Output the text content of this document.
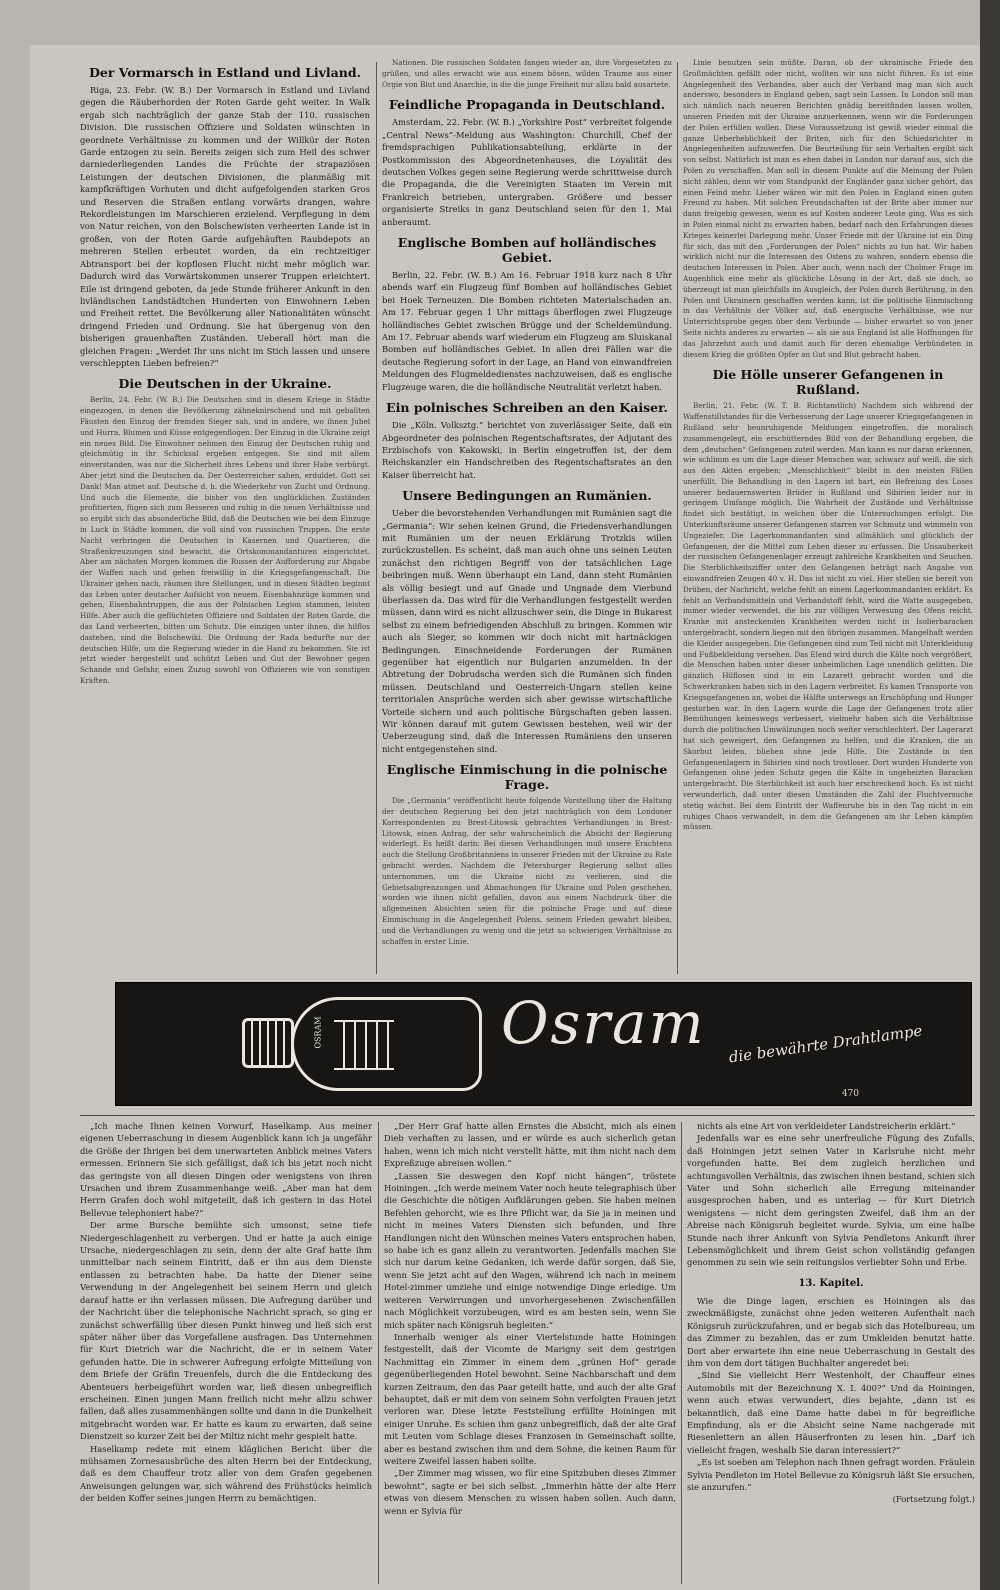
Der Vormarsch in Estland und Livland.

Riga, 23. Febr. (W. B.) Der Vormarsch in Estland und Livland gegen die Räuberhorden der Roten Garde geht weiter. In Walk ergab sich nachträglich der ganze Stab der 110. russischen Division. Die russischen Offiziere und Soldaten wünschten in geordnete Verhältnisse zu kommen und der Willkür der Roten Garde entzogen zu sein. Bereits zeigen sich zum Heil des schwer darniederliegenden Landes die Früchte der strapaziösen Leistungen der deutschen Divisionen, die planmäßig mit kampfkräftigen Vorhuten und dicht aufgefolgenden starken Gros und Reserven die Straßen entlang vorwärts drangen, wahre Rekordleistungen im Marschieren erzielend. Verpflegung in dem von Natur reichen, von den Bolschewisten verheerten Lande ist in großen, von der Roten Garde aufgehäuften Raubdepots an mehreren Stellen erbeutet worden, da ein rechtzeitiger Abtransport bei der kopflosen Flucht nicht mehr möglich war. Dadurch wird das Vorwärtskommen unserer Truppen erleichtert. Eile ist dringend geboten, da jede Stunde früherer Ankunft in den livländischen Landstädtchen Hunderten von Einwohnern Leben und Freiheit rettet. Die Bevölkerung aller Nationalitäten wünscht dringend Frieden und Ordnung. Sie hat übergenug von den bisherigen grauenhaften Zuständen. Ueberall hört man die gleichen Fragen: „Werdet Ihr uns nicht im Stich lassen und unsere verschleppten Lieben befreien?“

Die Deutschen in der Ukraine.

Berlin, 24. Febr. (W. B.) Die Deutschen sind in diesem Kriege in Städte eingezogen, in denen die Bevölkerung zähneknirschend und mit geballten Fäusten den Einzug der fremden Sieger sah, und in andere, wo ihnen Jubel und Hurra, Blumen und Küsse entgegenflogen. Der Einzug in die Ukraine zeigt ein neues Bild. Die Einwohner nehmen den Einzug der Deutschen ruhig und gleichmütig in ihr Schicksal ergeben entgegen. Sie sind mit allem einverstanden, was nur die Sicherheit ihres Lebens und ihrer Habe verbürgt. Aber jetzt sind die Deutschen da. Der Oesterreicher sahen, erduldet. Gott sei Dank! Man atmet auf. Deutsche d. h. die Wiederkehr von Zucht und Ordnung. Und auch die Elemente, die bisher von den unglücklichen Zuständen profitierten, fügen sich zum Besseren und ruhig in die neuen Verhältnisse und so ergibt sich das absonderliche Bild, daß die Deutschen wie bei dem Einzuge in Luck in Städte kommen, die voll sind von russischen Truppen. Die erste Nacht verbringen die Deutschen in Kasernen und Quartieren; die Straßenkreuzungen sind bewacht, die Ortskommandanturen eingerichtet. Aber am nächsten Morgen kommen die Russen der Aufforderung zur Abgabe der Waffen nach und gehen freiwillig in die Kriegsgefangenschaft. Die Ukrainer gehen nach, räumen ihre Stellungen, und in diesen Städten beginnt das Leben unter deutscher Aufsicht von neuem. Eisenbahnzüge kommen und gehen, Eisenbahntruppen, die aus der Polnischen Legion stammen, leisten Hilfe. Aber auch die geflüchteten Offiziere und Soldaten der Roten Garde, die das Land verheerten, bitten um Schutz. Die einzigen unter ihnen, die hilflos dastehen, sind die Bolschewiki. Die Ordnung der Rada bedurfte nur der deutschen Hilfe, um die Regierung wieder in die Hand zu bekommen. Sie ist jetzt wieder hergestellt und schützt Leben und Gut der Bewohner gegen Schande und Gefahr, einen Zuzug sowohl von Offizieren wie von sonstigen Kräften.

Nationen. Die russischen Soldaten fangen wieder an, ihre Vorgesetzten zu grüßen, und alles erwacht wie aus einem bösen, wilden Traume aus einer Orgie von Blut und Anarchie, in die die junge Freiheit nur allzu bald ausartete.

Feindliche Propaganda in Deutschland.

Amsterdam, 22. Febr. (W. B.) „Yorkshire Post“ verbreitet folgende „Central News“-Meldung aus Washington: Churchill, Chef der fremdsprachigen Publikationsabteilung, erklärte in der Postkommission des Abgeordnetenhauses, die Loyalität des deutschen Volkes gegen seine Regierung werde schrittweise durch die Propaganda, die die Vereinigten Staaten im Verein mit Frankreich betrieben, untergraben. Größere und besser organisierte Streiks in ganz Deutschland seien für den 1. Mai anberaumt.

Englische Bomben auf holländisches Gebiet.

Berlin, 22. Febr. (W. B.) Am 16. Februar 1918 kurz nach 8 Uhr abends warf ein Flugzeug fünf Bomben auf holländisches Gebiet bei Hoek Terneuzen. Die Bomben richteten Materialschaden an. Am 17. Februar gegen 1 Uhr mittags überflogen zwei Flugzeuge holländisches Gebiet zwischen Brügge und der Scheldemündung. Am 17. Februar abends warf wiederum ein Flugzeug am Sluiskanal Bomben auf holländisches Gebiet. In allen drei Fällen war die deutsche Regierung sofort in der Lage, an Hand von einwandfreien Meldungen des Flugmeldedienstes nachzuweisen, daß es englische Flugzeuge waren, die die holländische Neutralität verletzt haben.

Ein polnisches Schreiben an den Kaiser.

Die „Köln. Volksztg.“ berichtet von zuverlässiger Seite, daß ein Abgeordneter des polnischen Regentschaftsrates, der Adjutant des Erzbischofs von Kakowski, in Berlin eingetroffen ist, der dem Reichskanzler ein Handschreiben des Regentschaftsrates an den Kaiser überreicht hat.

Unsere Bedingungen an Rumänien.

Ueber die bevorstehenden Verhandlungen mit Rumänien sagt die „Germania“: Wir sehen keinen Grund, die Friedensverhandlungen mit Rumänien um der neuen Erklärung Trotzkis willen zurückzustellen. Es scheint, daß man auch ohne uns seinen Leuten zunächst den richtigen Begriff von der tatsächlichen Lage beibringen muß. Wenn überhaupt ein Land, dann steht Rumänien als völlig besiegt und auf Gnade und Ungnade dem Vierbund überlassen da. Das wird für die Verhandlungen festgestellt werden müssen, dann wird es nicht allzuschwer sein, die Dinge in Bukarest selbst zu einem befriedigenden Abschluß zu bringen. Kommen wir auch als Sieger, so kommen wir doch nicht mit hartnäckigen Bedingungen. Einschneidende Forderungen der Rumänen gegenüber hat eigentlich nur Bulgarien anzumelden. In der Abtretung der Dobrudscha werden sich die Rumänen sich finden müssen. Deutschland und Oesterreich-Ungarn stellen keine territorialen Ansprüche werden sich aber gewisse wirtschaftliche Vorteile sichern und auch politische Bürgschaften geben lassen. Wir können darauf mit gutem Gewissen bestehen, weil wir der Ueberzeugung sind, daß die Interessen Rumäniens den unseren nicht entgegenstehen sind.

Englische Einmischung in die polnische Frage.

Die „Germania“ veröffentlicht heute folgende Vorstellung über die Haltung der deutschen Regierung bei den jetzt nachträglich von dem Londoner Korrespondenten zu Brest-Litowsk gebrachten Verhandlungen in Brest-Litowsk, einen Antrag, der sehr wahrscheinlich die Absicht der Regierung widerlegt. Es heißt darin: Bei diesen Verhandlungen muß unsere Erachtens auch die Stellung Großbritanniens in unserer Frieden mit der Ukraine zu Rate gebracht werden. Nachdem die Petersburger Regierung selbst alles unternommen, um die Ukraine nicht zu verlieren, sind die Gebietsabgrenzungen und Abmachungen für Ukraine und Polen geschehen, worden wie ihnen nicht gefallen, davon aus einem Nachdruck über die allgemeinen Absichten seien für die polnische Frage und auf diese Einmischung in die Angelegenheit Polens, seinem Frieden gewahrt bleiben, und die Verhandlungen zu wenig und die jetzt so schwierigen Verhältnisse zu schaffen in erster Linie.

Linie benutzen sein müßte. Daran, ob der ukrainische Friede den Großmächten gefällt oder nicht, wollten wir uns nicht führen. Es ist eine Angelegenheit des Verbandes, aber auch der Verband mag man sich auch anderswo, besonders in England geben, sagt sein Lassen. In London soll man sich nämlich nach neueren Berichten gnädig bereitfinden lassen wollen, unseren Frieden mit der Ukraine anzuerkennen, wenn wir die Forderungen der Polen erfüllen wollen. Diese Voraussetzung ist gewiß wieder einmal die ganze Ueberheblichkeit der Briten, sich für den Schiedsrichter in Angelegenheiten aufzuwerfen. Die Beurteilung für sein Verhalten ergibt sich von selbst. Natürlich ist man es eben dabei in London nur darauf aus, sich die Polen zu verschaffen. Man soll in diesem Punkte auf die Meinung der Polen nicht zählen, denn wir vom Standpunkt der Engländer ganz sicher gehört, das einen Feind mehr. Lieber wären wir mit den Polen in England einen guten Freund zu haben. Mit solchen Freundschaften ist der Brite aber immer nur dann freigebig gewesen, wenn es auf Kosten anderer Leute ging. Was es sich in Polen einmal nicht zu erwarten haben, bedarf nach den Erfahrungen dieses Krieges keinerlei Darlegung mehr. Unser Friede mit der Ukraine ist ein Ding für sich, das mit den „Forderungen der Polen“ nichts zu tun hat. Wir haben wirklich nicht nur die Interessen des Ostens zu wahren, sondern ebenso die deutschen Interessen in Polen. Aber auch, wenn nach der Cholmer Frage im Augenblick eine mehr als glückliche Lösung in der Art, daß sie doch, so überzeugt ist man gleichfalls im Ausgleich, der Polen durch Berührung, in den Polen und Ukrainern geschaffen werden kann, ist die politische Einmischung in das Verhältnis der Völker auf, daß energische Verhältnisse, wie nur Unterrichtsprobe gegen über dem Verbunde — bisher erwartet so von jener Seite nichts anderes zu erwarten — als sie aus England ist alle Hoffnungen für das Jahrzehnt auch und damit auch für deren ehemalige Verbündeten in diesem Krieg die größten Opfer an Gut und Blut gebracht haben.

Die Hölle unserer Gefangenen in Rußland.

Berlin, 21. Febr. (W. T. B. Richtamtlich) Nachdem sich während der Waffenstillstandes für die Verbesserung der Lage unserer Kriegsgefangenen in Rußland sehr beunruhigende Meldungen eingetroffen, die moralisch zusammengelegt, ein erschütterndes Bild von der Behandlung ergeben, die dem „deutschen“ Gefangenen zuteil werden. Man kann es nur daran erkennen, wie schlimm es um die Lage dieser Menschen war, schwarz auf weiß, die sich aus den Akten ergeben; „Menschlichkeit“ bleibt in den meisten Fällen unerfüllt. Die Behandlung in den Lagern ist hart, ein Befreiung des Loses unserer bedauernswerten Brüder in Rußland und Sibirien leider nur in geringem Umfange möglich. Die Wahrheit der Zustände und Verhältnisse findet sich bestätigt, in welchen über die Untersuchungen erfolgt. Die Unterkunftsräume unserer Gefangenen starren vor Schmutz und wimmeln von Ungeziefer. Die Lagerkommandanten sind allmählich und glücklich der Gefangenen, der die Mittel zum Leben dieser zu erfassen. Die Unsauberkeit der russischen Gefangenenlager erzeugt zahlreiche Krankheiten und Seuchen. Die Sterblichkeitsziffer unter den Gefangenen beträgt nach Angabe von einwandfreien Zeugen 40 v. H. Das ist nicht zu viel. Hier stellen sie bereit von Drüben, der Nachricht, welche fehlt an einem Lagerkommandanten erklärt. Es fehlt an Verbandsmitteln und Verbandstoff fehlt, wird die Watte ausgegeben, immer wieder verwendet, die bis zur völligen Verwesung des Ofens reicht. Kranke mit ansteckenden Krankheiten werden nicht in Isolierbaracken untergebracht, sondern liegen mit den übrigen zusammen. Mangelhaft werden die Kleider ausgegeben. Die Gefangenen sind zum Teil nicht mit Unterkleidung und Fußbekleidung versehen. Das Elend wird durch die Kälte noch vergrößert, die Menschen haben unter dieser unheimlichen Lage unendlich gelitten. Die gänzlich Hilflosen sind in ein Lazarett gebracht worden und die Schwerkranken haben sich in den Lagern verbreitet. Es kamen Transporte von Kriegsgefangenen an, wobei die Hälfte unterwegs an Erschöpfung und Hunger gestorben war. In den Lagern wurde die Lage der Gefangenen trotz aller Bemühungen keineswegs verbessert, vielmehr haben sich die Verhältnisse durch die politischen Umwälzungen noch weiter verschlechtert. Der Lagerarzt hat sich geweigert, den Gefangenen zu helfen, und die Kranken, die an Skorbut leiden, blieben ohne jede Hilfe. Die Zustände in den Gefangenenlagern in Sibirien sind noch trostloser. Dort wurden Hunderte von Gefangenen ohne jeden Schutz gegen die Kälte in ungeheizten Baracken untergebracht. Die Sterblichkeit ist auch hier erschreckend hoch. Es ist nicht verwunderlich, daß unter diesen Umständen die Zahl der Fluchtversuche stetig wächst. Bei dem Eintritt der Waffenruhe bis in den Tag nicht in ein ruhiges Chaos verwandelt, in dem die Gefangenen um ihr Leben kämpfen müssen.

OSRAM	Osram die bewährte Drahtlampe
470

„Ich mache Ihnen keinen Vorwurf, Haselkamp. Aus meiner eigenen Ueberraschung in diesem Augenblick kann ich ja ungefähr die Größe der Ihrigen bei dem unerwarteten Anblick meines Vaters ermessen. Erinnern Sie sich gefälligst, daß ich bis jetzt noch nicht das geringste von all diesen Dingen oder wenigstens von ihren Ursachen und ihrem Zusammenhange weiß. „Aber man hat dem Herrn Grafen doch wohl mitgeteilt, daß ich gestern in das Hotel Bellevue telephoniert habe?“

Der arme Bursche bemühte sich umsonst, seine tiefe Niedergeschlagenheit zu verbergen. Und er hatte ja auch einige Ursache, niedergeschlagen zu sein, denn der alte Graf hatte ihm unmittelbar nach seinem Eintritt, daß er ihn aus dem Dienste entlassen zu betrachten habe. Da hatte der Diener seine Verwendung in der Angelegenheit bei seinem Herrn und gleich darauf hatte er ihn verlassen müssen. Die Aufregung darüber und der Nachricht über die telephonische Nachricht sprach, so ging er zunächst schwerfällig über diesen Punkt hinweg und ließ sich erst später näher über das Vorgefallene ausfragen. Das Unternehmen für Kurt Dietrich war die Nachricht, die er in seinem Vater gefunden hatte. Die in schwerer Aufregung erfolgte Mitteilung von dem Briefe der Gräfin Treuenfels, durch die die Entdeckung des Abenteuers herbeigeführt worden war, ließ diesen unbegreiflich erscheinen. Einen jungen Mann freilich nicht mehr allzu schwer fallen, daß alles zusammenhängen sollte und dann in die Dunkelheit mitgebracht worden war. Er hatte es kaum zu erwarten, daß seine Dienstzeit so kurzer Zeit bei der Miltiz nicht mehr gespielt hatte.

Haselkamp redete mit einem kläglichen Bericht über die mühsamen Zornesausbrüche des alten Herrn bei der Entdeckung, daß es dem Chauffeur trotz aller von dem Grafen gegebenen Anweisungen gelungen war, sich während des Frühstücks heimlich der beiden Koffer seines jungen Herrn zu bemächtigen.

„Der Herr Graf hatte allen Ernstes die Absicht, mich als einen Dieb verhaften zu lassen, und er würde es auch sicherlich getan haben, wenn ich mich nicht verstellt hätte, mit ihm nicht nach dem Expreßzuge abreisen wollen.“

„Lassen Sie deswegen den Kopf nicht hängen“, tröstete Hoiningen. „Ich werde meinem Vater noch heute telegraphisch über die Geschichte die nötigen Aufklärungen geben. Sie haben meinen Befehlen gehorcht, wie es Ihre Pflicht war, da Sie ja in meinen und nicht in meines Vaters Diensten sich befunden, und Ihre Handlungen nicht den Wünschen meines Vaters entsprochen haben, so habe ich es ganz allein zu verantworten. Jedenfalls machen Sie sich nur darum keine Gedanken, ich werde dafür sorgen, daß Sie, wenn Sie jetzt acht auf den Wagen, während ich nach in meinem Hotel-zimmer umziehe und einige notwendige Dinge erledige. Um weiteren Verwirrungen und unvorhergesehenen Zwischenfällen nach Möglichkeit vorzubeugen, wird es am besten sein, wenn Sie mich später nach Königsruh begleiten.“

Innerhalb weniger als einer Viertelstunde hatte Hoiningen festgestellt, daß der Vicomte de Marigny seit dem gestrigen Nachmittag ein Zimmer in einem dem „grünen Hof“ gerade gegenüberliegenden Hotel bewohnt. Seine Nachbarschaft und dem kurzen Zeitraum, den das Paar geteilt hatte, und auch der alte Graf behauptet, daß er mit dem von seinem Sohn verfolgten Frauen jetzt verloren war. Diese letzte Feststellung erfüllte Hoiningen mit einiger Unruhe. Es schien ihm ganz unbegreiflich, daß der alte Graf mit Leuten vom Schlage dieses Franzosen in Gemeinschaft sollte, aber es bestand zwischen ihm und dem Sohne, die keinen Raum für weitere Zweifel lassen haben sollte.

„Der Zimmer mag wissen, wo für eine Spitzbuben dieses Zimmer bewohnt“, sagte er bei sich selbst. „Immerhin hätte der alte Herr etwas von diesem Menschen zu wissen haben sollen. Auch dann, wenn er Sylvia für

nichts als eine Art von verkleideter Landstreicherin erklärt.“

Jedenfalls war es eine sehr unerfreuliche Fügung des Zufalls, daß Hoiningen jetzt seinen Vater in Karlsruhe nicht mehr vorgefunden hatte. Bei dem zugleich herzlichen und achtungsvollen Verhältnis, das zwischen ihnen bestand, schien sich Vater und Sohn sicherlich alle Erregung miteinander ausgesprochen haben, und es unterlag — für Kurt Dietrich wenigstens — nicht dem geringsten Zweifel, daß ihm an der Abreise nach Königsruh begleitet wurde. Sylvia, um eine halbe Stunde nach ihrer Ankunft von Sylvia Pendletons Ankunft ihrer Lebensmöglichkeit und ihrem Geist schon vollständig gefangen genommen zu sein wie sein reitungslos verliebter Sohn und Erbe.

13. Kapitel.

Wie die Dinge lagen, erschien es Hoiningen als das zweckmäßigste, zunächst ohne jeden weiteren Aufenthalt nach Königsruh zurückzufahren, und er begab sich das Hotelbureau, um das Zimmer zu bezahlen, das er zum Umkleiden benutzt hatte. Dort aber erwartete ihn eine neue Ueberraschung in Gestalt des ihm von dem dort tätigen Buchhalter angeredet bei:

„Sind Sie vielleicht Herr Westenholt, der Chauffeur eines Automobils mit der Bezeichnung X. I. 400?“ Und da Hoiningen, wenn auch etwas verwundert, dies bejahte, „dann ist es bekanntlich, daß eine Dame hatte dabei in für begreifliche Empfindung, als er die Absicht seine Name nachgerade mit Riesenlettern an allen Häuserfronten zu lesen hin. „Darf ich vielleicht fragen, weshalb Sie daran interessiert?“

„Es ist soeben am Telephon nach Ihnen gefragt worden. Fräulein Sylvia Pendleton im Hotel Bellevue zu Königsruh läßt Sie ersuchen, sie anzurufen.“

(Fortsetzung folgt.)
